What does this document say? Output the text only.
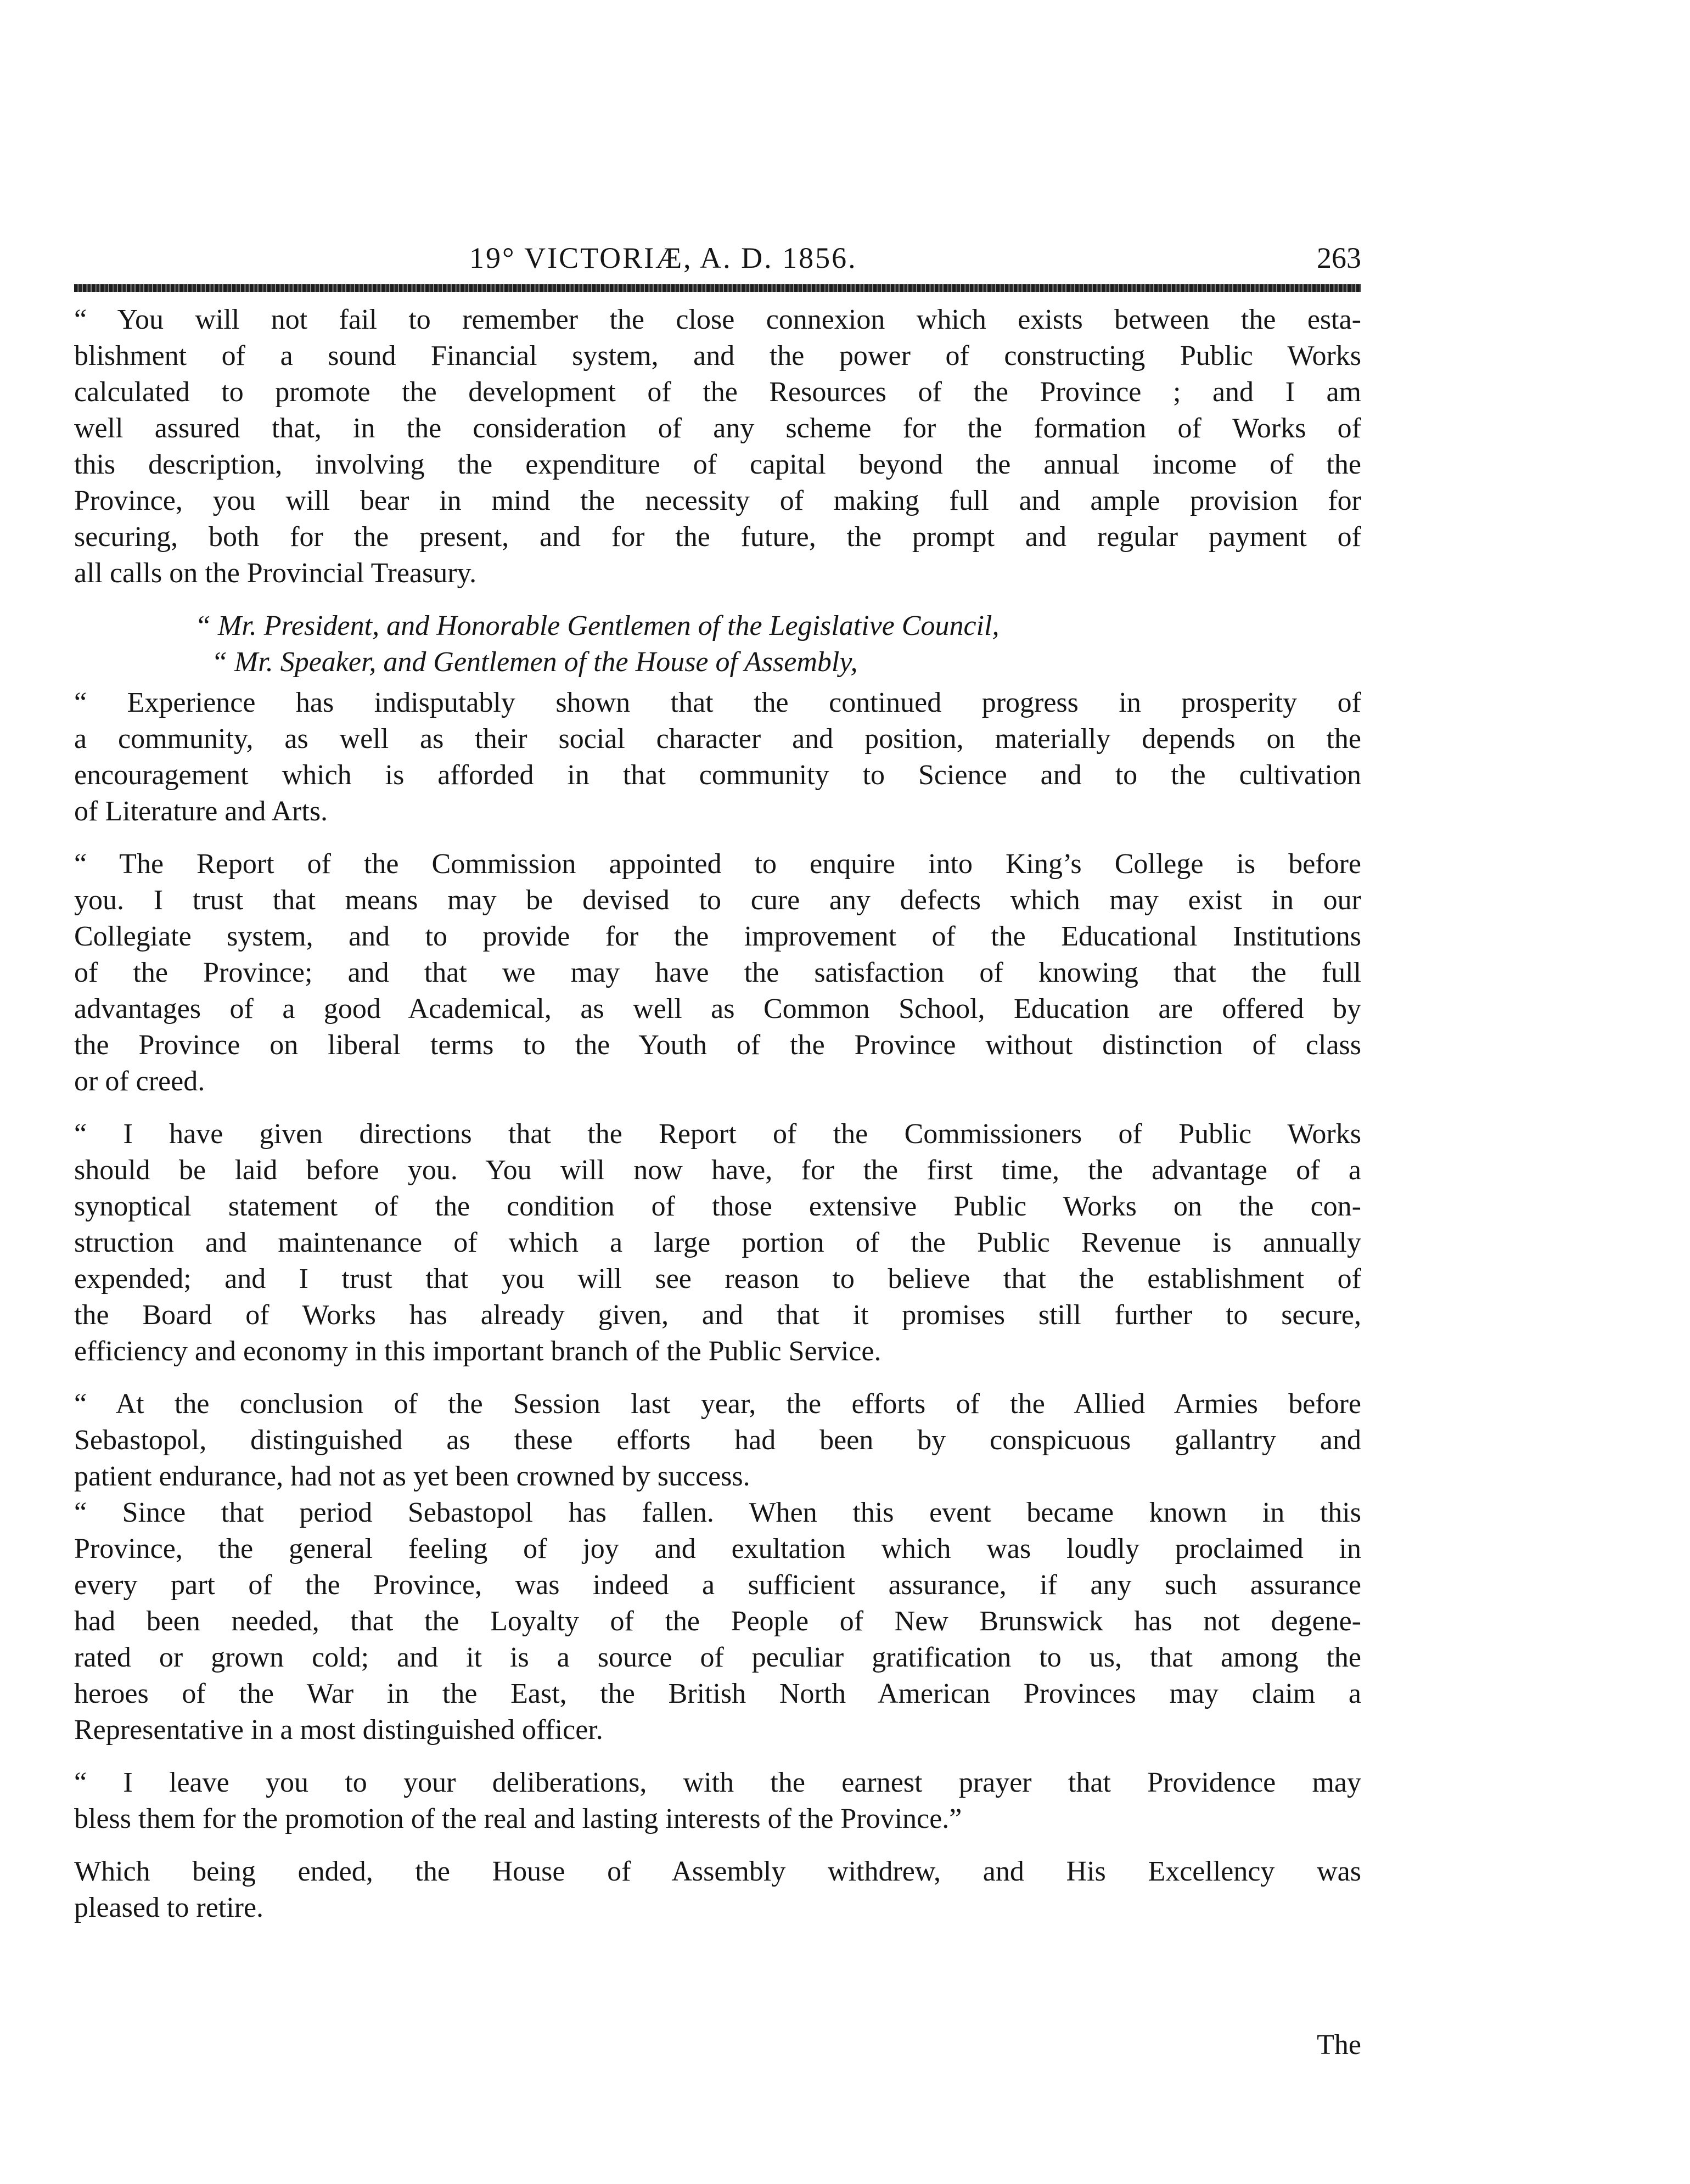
19° VICTORIÆ, A. D. 1856.	263

“ You will not fail to remember the close connexion which exists between the esta-

blishment of a sound Financial system, and the power of constructing Public Works

calculated to promote the development of the Resources of the Province ; and I am

well assured that, in the consideration of any scheme for the formation of Works of

this description, involving the expenditure of capital beyond the annual income of the

Province, you will bear in mind the necessity of making full and ample provision for

securing, both for the present, and for the future, the prompt and regular payment of

all calls on the Provincial Treasury.

“ Mr. President, and Honorable Gentlemen of the Legislative Council,

“ Mr. Speaker, and Gentlemen of the House of Assembly,

“ Experience has indisputably shown that the continued progress in prosperity of

a community, as well as their social character and position, materially depends on the

encouragement which is afforded in that community to Science and to the cultivation

of Literature and Arts.

“ The Report of the Commission appointed to enquire into King’s College is before

you. I trust that means may be devised to cure any defects which may exist in our

Collegiate system, and to provide for the improvement of the Educational Institutions

of the Province; and that we may have the satisfaction of knowing that the full

advantages of a good Academical, as well as Common School, Education are offered by

the Province on liberal terms to the Youth of the Province without distinction of class

or of creed.

“ I have given directions that the Report of the Commissioners of Public Works

should be laid before you. You will now have, for the first time, the advantage of a

synoptical statement of the condition of those extensive Public Works on the con-

struction and maintenance of which a large portion of the Public Revenue is annually

expended; and I trust that you will see reason to believe that the establishment of

the Board of Works has already given, and that it promises still further to secure,

efficiency and economy in this important branch of the Public Service.

“ At the conclusion of the Session last year, the efforts of the Allied Armies before

Sebastopol, distinguished as these efforts had been by conspicuous gallantry and

patient endurance, had not as yet been crowned by success.

“ Since that period Sebastopol has fallen. When this event became known in this

Province, the general feeling of joy and exultation which was loudly proclaimed in

every part of the Province, was indeed a sufficient assurance, if any such assurance

had been needed, that the Loyalty of the People of New Brunswick has not degene-

rated or grown cold; and it is a source of peculiar gratification to us, that among the

heroes of the War in the East, the British North American Provinces may claim a

Representative in a most distinguished officer.

“ I leave you to your deliberations, with the earnest prayer that Providence may

bless them for the promotion of the real and lasting interests of the Province.”

Which being ended, the House of Assembly withdrew, and His Excellency was

pleased to retire.

The
